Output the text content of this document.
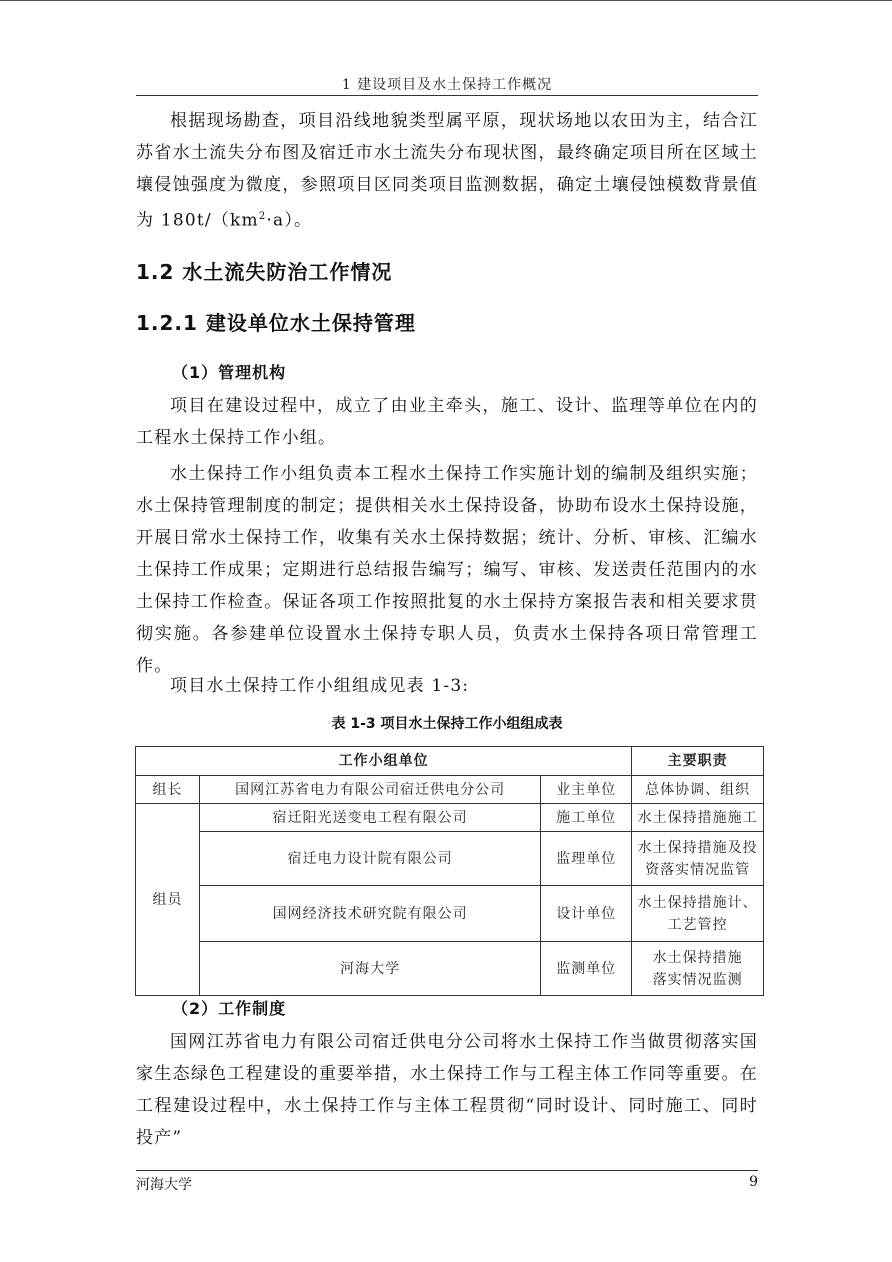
1 建设项目及水土保持工作概况

根据现场勘查，项目沿线地貌类型属平原，现状场地以农田为主，结合江苏省水土流失分布图及宿迁市水土流失分布现状图，最终确定项目所在区域土壤侵蚀强度为微度，参照项目区同类项目监测数据，确定土壤侵蚀模数背景值为 $180t/(km^2\cdot a)$。

1.2 水土流失防治工作情况
1.2.1 建设单位水土保持管理
（1）管理机构

项目在建设过程中，成立了由业主牵头，施工、设计、监理等单位在内的工程水土保持工作小组。

水土保持工作小组负责本工程水土保持工作实施计划的编制及组织实施；水土保持管理制度的制定；提供相关水土保持设备，协助布设水土保持设施，开展日常水土保持工作，收集有关水土保持数据；统计、分析、审核、汇编水土保持工作成果；定期进行总结报告编写；编写、审核、发送责任范围内的水土保持工作检查。保证各项工作按照批复的水土保持方案报告表和相关要求贯彻实施。各参建单位设置水土保持专职人员，负责水土保持各项日常管理工作。

项目水土保持工作小组组成见表 1-3:

表 1-3 项目水土保持工作小组组成表
工作小组单位			主要职责
组长	国网江苏省电力有限公司宿迁供电分公司	业主单位	总体协调、组织
组员	宿迁阳光送变电工程有限公司	施工单位	水土保持措施施工
	宿迁电力设计院有限公司	监理单位	水土保持措施及投
资落实情况监管

	国网经济技术研究院有限公司	设计单位	水土保持措施计、
工艺管控

	河海大学	监测单位	水土保持措施
落实情况监测
（2）工作制度

国网江苏省电力有限公司宿迁供电分公司将水土保持工作当做贯彻落实国家生态绿色工程建设的重要举措，水土保持工作与工程主体工作同等重要。在工程建设过程中，水土保持工作与主体工程贯彻“同时设计、同时施工、同时投产”

河海大学	9
